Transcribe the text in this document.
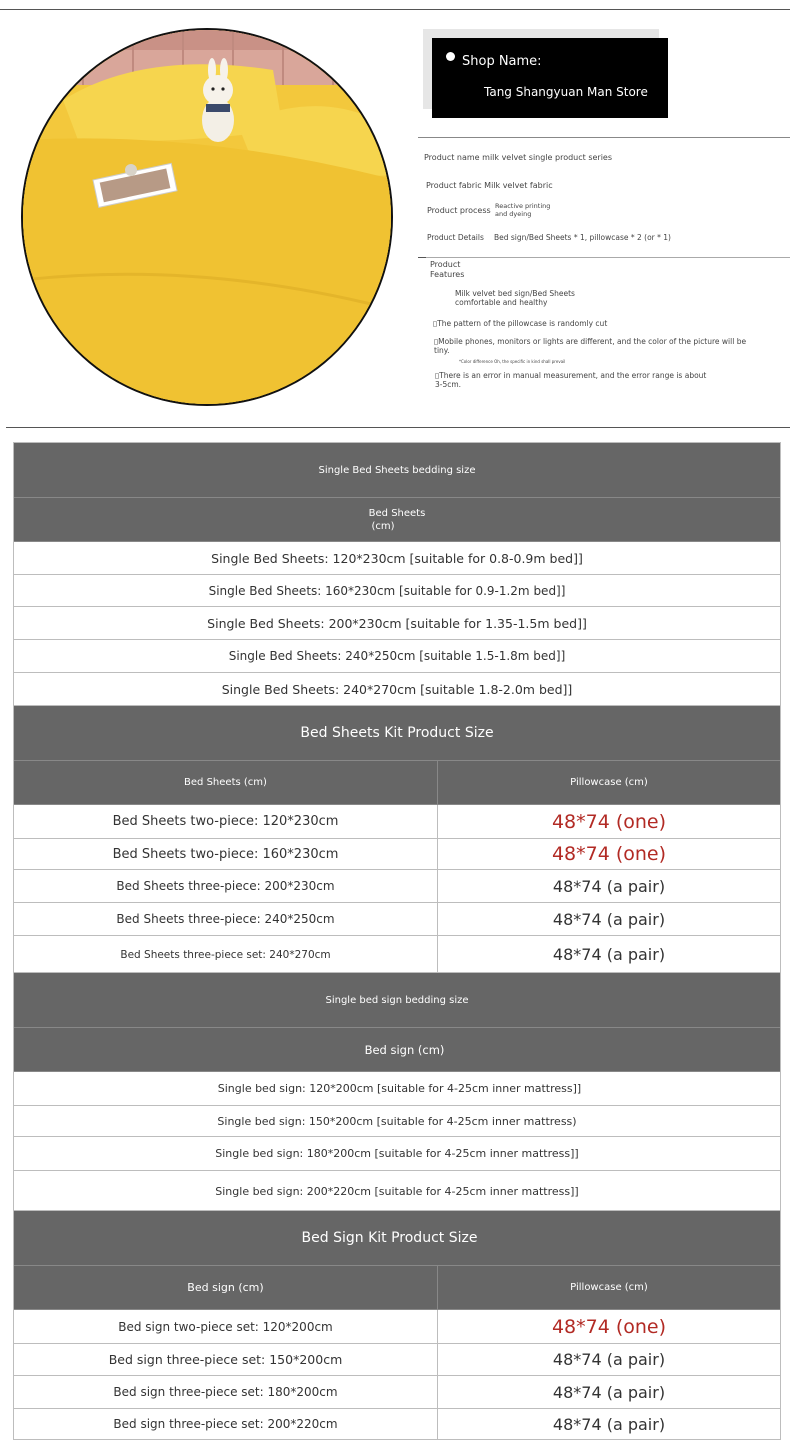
Shop Name:
Tang Shangyuan Man Store
Product name milk velvet single product series
Product fabric Milk velvet fabric
Product process Reactive printing
and dyeing
Product Details Bed sign/Bed Sheets * 1, pillowcase * 2 (or * 1)
Product
Features
Milk velvet bed sign/Bed Sheets
comfortable and healthy
▯The pattern of the pillowcase is randomly cut
▯Mobile phones, monitors or lights are different, and the color of the picture will be
tiny.
*Color difference Oh, the specific in kind shall prevail
▯There is an error in manual measurement, and the error range is about
3-5cm.
Single Bed Sheets bedding size
Bed Sheets
(cm)
Single Bed Sheets: 120*230cm [suitable for 0.8-0.9m bed]]
Single Bed Sheets: 160*230cm [suitable for 0.9-1.2m bed]]
Single Bed Sheets: 200*230cm [suitable for 1.35-1.5m bed]]
Single Bed Sheets: 240*250cm [suitable 1.5-1.8m bed]]
Single Bed Sheets: 240*270cm [suitable 1.8-2.0m bed]]
Bed Sheets Kit Product Size
Bed Sheets (cm)	Pillowcase (cm)
Bed Sheets two-piece: 120*230cm	48*74 (one)
Bed Sheets two-piece: 160*230cm	48*74 (one)
Bed Sheets three-piece: 200*230cm	48*74 (a pair)
Bed Sheets three-piece: 240*250cm	48*74 (a pair)
Bed Sheets three-piece set: 240*270cm	48*74 (a pair)
Single bed sign bedding size
Bed sign (cm)
Single bed sign: 120*200cm [suitable for 4-25cm inner mattress]]
Single bed sign: 150*200cm [suitable for 4-25cm inner mattress)
Single bed sign: 180*200cm [suitable for 4-25cm inner mattress]]
Single bed sign: 200*220cm [suitable for 4-25cm inner mattress]]
Bed Sign Kit Product Size
Bed sign (cm)	Pillowcase (cm)
Bed sign two-piece set: 120*200cm	48*74 (one)
Bed sign three-piece set: 150*200cm	48*74 (a pair)
Bed sign three-piece set: 180*200cm	48*74 (a pair)
Bed sign three-piece set: 200*220cm	48*74 (a pair)
